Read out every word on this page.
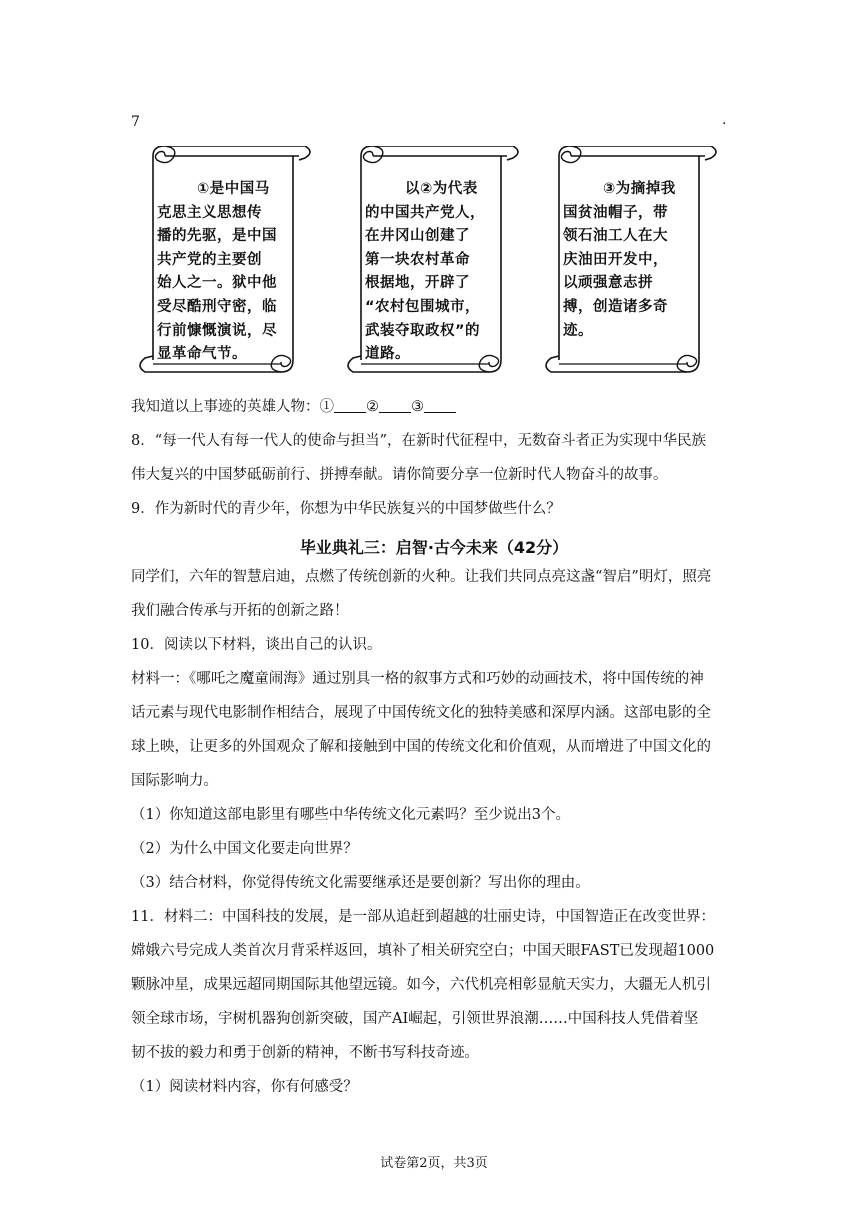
7	.
①是中国马
克思主义思想传
播的先驱，是中国
共产党的主要创
始人之一。狱中他
受尽酷刑守密，临
行前慷慨演说，尽
显革命气节。
以②为代表
的中国共产党人，
在井冈山创建了
第一块农村革命
根据地，开辟了
“农村包围城市，
武装夺取政权”的
道路。
③为摘掉我
国贫油帽子，带
领石油工人在大
庆油田开发中，
以顽强意志拼
搏，创造诸多奇
迹。
我知道以上事迹的英雄人物：① ② ③
8．“每一代人有每一代人的使命与担当”，在新时代征程中，无数奋斗者正为实现中华民族
伟大复兴的中国梦砥砺前行、拼搏奉献。请你简要分享一位新时代人物奋斗的故事。
9．作为新时代的青少年，你想为中华民族复兴的中国梦做些什么？
毕业典礼三：启智·古今未来（42分）
同学们，六年的智慧启迪，点燃了传统创新的火种。让我们共同点亮这盏“智启”明灯，照亮
我们融合传承与开拓的创新之路！
10．阅读以下材料，谈出自己的认识。
材料一：《哪吒之魔童闹海》通过别具一格的叙事方式和巧妙的动画技术，将中国传统的神
话元素与现代电影制作相结合，展现了中国传统文化的独特美感和深厚内涵。这部电影的全
球上映，让更多的外国观众了解和接触到中国的传统文化和价值观，从而增进了中国文化的
国际影响力。
（1）你知道这部电影里有哪些中华传统文化元素吗？至少说出3个。
（2）为什么中国文化要走向世界？
（3）结合材料，你觉得传统文化需要继承还是要创新？写出你的理由。
11．材料二：中国科技的发展，是一部从追赶到超越的壮丽史诗，中国智造正在改变世界：
嫦娥六号完成人类首次月背采样返回，填补了相关研究空白；中国天眼FAST已发现超1000
颗脉冲星，成果远超同期国际其他望远镜。如今，六代机亮相彰显航天实力，大疆无人机引
领全球市场，宇树机器狗创新突破，国产AI崛起，引领世界浪潮……中国科技人凭借着坚
韧不拔的毅力和勇于创新的精神，不断书写科技奇迹。
（1）阅读材料内容，你有何感受？
试卷第2页，共3页
